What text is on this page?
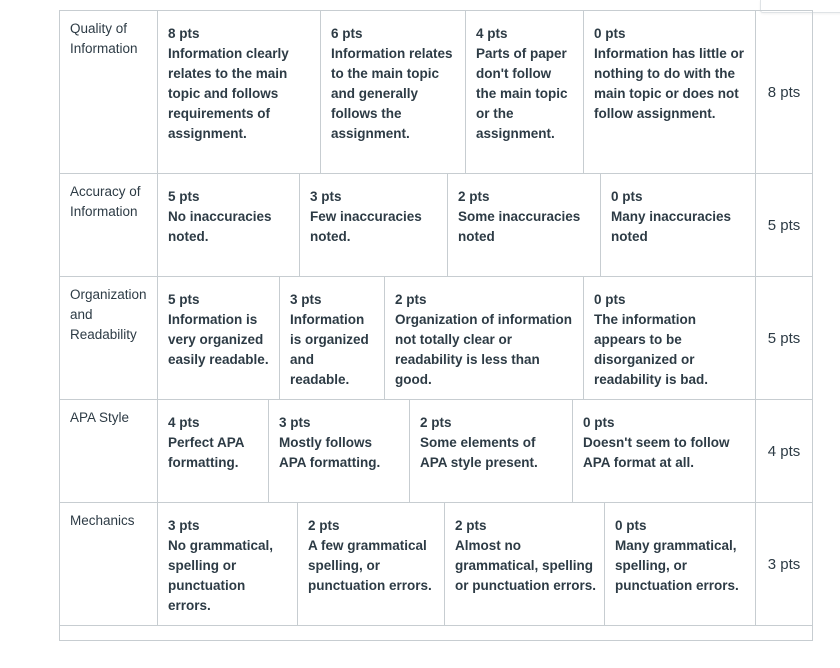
Quality of Information
8 pts
Information clearly relates to the main topic and follows requirements of assignment.
6 pts
Information relates to the main topic and generally follows the assignment.
4 pts
Parts of paper don't follow the main topic or the assignment.
0 pts
Information has little or nothing to do with the main topic or does not follow assignment.
8 pts
Accuracy of Information
5 pts
No inaccuracies noted.
3 pts
Few inaccuracies noted.
2 pts
Some inaccuracies noted
0 pts
Many inaccuracies noted
5 pts
Organization and Readability
5 pts
Information is very organized easily readable.
3 pts
Information is organized and readable.
2 pts
Organization of information not totally clear or readability is less than good.
0 pts
The information appears to be disorganized or readability is bad.
5 pts
APA Style	4 pts
Perfect APA formatting.
3 pts
Mostly follows APA formatting.
2 pts
Some elements of APA style present.
0 pts
Doesn't seem to follow APA format at all.
4 pts
Mechanics	3 pts
No grammatical, spelling or punctuation errors.
2 pts
A few grammatical spelling, or punctuation errors.
2 pts
Almost no grammatical, spelling or punctuation errors.
0 pts
Many grammatical, spelling, or punctuation errors.
3 pts
